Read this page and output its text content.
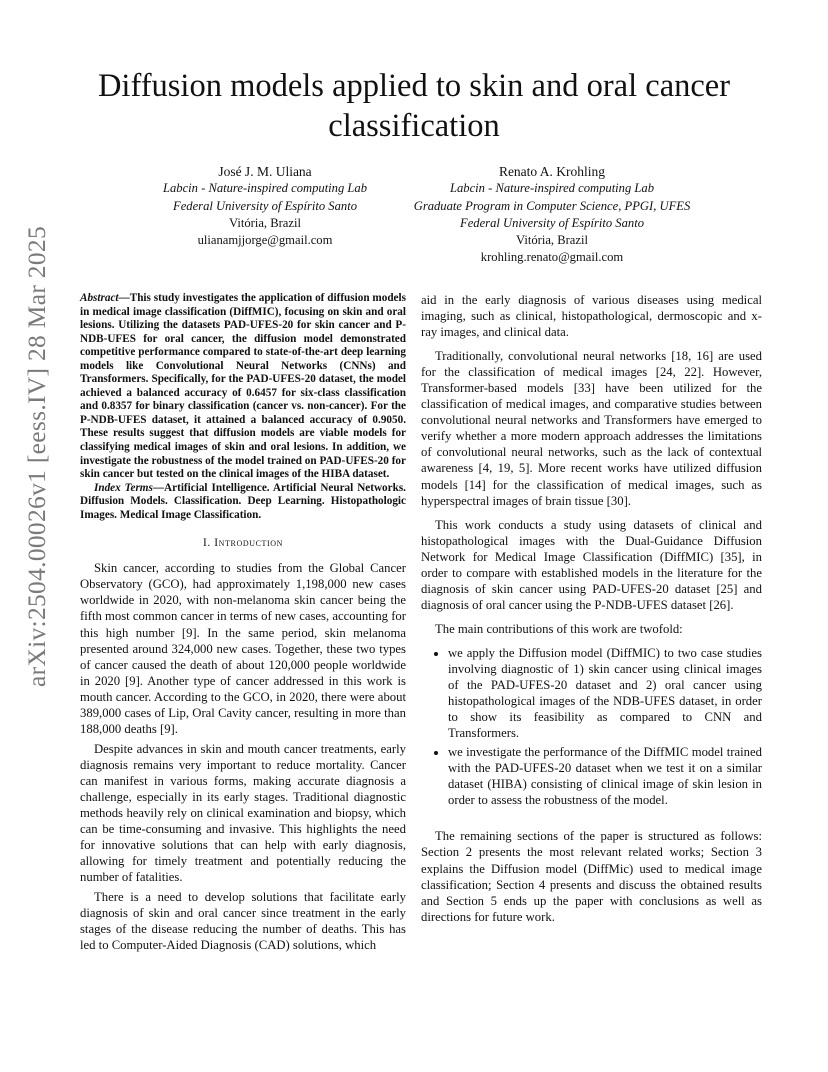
Diffusion models applied to skin and oral cancer classification
José J. M. Uliana
Labcin - Nature-inspired computing Lab
Federal University of Espírito Santo
Vitória, Brazil
ulianamjjorge@gmail.com
Renato A. Krohling
Labcin - Nature-inspired computing Lab
Graduate Program in Computer Science, PPGI, UFES
Federal University of Espírito Santo
Vitória, Brazil
krohling.renato@gmail.com
arXiv:2504.00026v1 [eess.IV] 28 Mar 2025	Abstract—This study investigates the application of diffusion models in medical image classification (DiffMIC), focusing on skin and oral lesions. Utilizing the datasets PAD-UFES-20 for skin cancer and P-NDB-UFES for oral cancer, the diffusion model demonstrated competitive performance compared to state-of-the-art deep learning models like Convolutional Neural Networks (CNNs) and Transformers. Specifically, for the PAD-UFES-20 dataset, the model achieved a balanced accuracy of 0.6457 for six-class classification and 0.8357 for binary classification (cancer vs. non-cancer). For the P-NDB-UFES dataset, it attained a balanced accuracy of 0.9050. These results suggest that diffusion models are viable models for classifying medical images of skin and oral lesions. In addition, we investigate the robustness of the model trained on PAD-UFES-20 for skin cancer but tested on the clinical images of the HIBA dataset.

Index Terms—Artificial Intelligence. Artificial Neural Networks. Diffusion Models. Classification. Deep Learning. Histopathologic Images. Medical Image Classification.

I. Introduction

Skin cancer, according to studies from the Global Cancer Observatory (GCO), had approximately 1,198,000 new cases worldwide in 2020, with non-melanoma skin cancer being the fifth most common cancer in terms of new cases, accounting for this high number [9]. In the same period, skin melanoma presented around 324,000 new cases. Together, these two types of cancer caused the death of about 120,000 people worldwide in 2020 [9]. Another type of cancer addressed in this work is mouth cancer. According to the GCO, in 2020, there were about 389,000 cases of Lip, Oral Cavity cancer, resulting in more than 188,000 deaths [9].

Despite advances in skin and mouth cancer treatments, early diagnosis remains very important to reduce mortality. Cancer can manifest in various forms, making accurate diagnosis a challenge, especially in its early stages. Traditional diagnostic methods heavily rely on clinical examination and biopsy, which can be time-consuming and invasive. This highlights the need for innovative solutions that can help with early diagnosis, allowing for timely treatment and potentially reducing the number of fatalities.

There is a need to develop solutions that facilitate early diagnosis of skin and oral cancer since treatment in the early stages of the disease reducing the number of deaths. This has led to Computer-Aided Diagnosis (CAD) solutions, which

aid in the early diagnosis of various diseases using medical imaging, such as clinical, histopathological, dermoscopic and x-ray images, and clinical data.

Traditionally, convolutional neural networks [18, 16] are used for the classification of medical images [24, 22]. However, Transformer-based models [33] have been utilized for the classification of medical images, and comparative studies between convolutional neural networks and Transformers have emerged to verify whether a more modern approach addresses the limitations of convolutional neural networks, such as the lack of contextual awareness [4, 19, 5]. More recent works have utilized diffusion models [14] for the classification of medical images, such as hyperspectral images of brain tissue [30].

This work conducts a study using datasets of clinical and histopathological images with the Dual-Guidance Diffusion Network for Medical Image Classification (DiffMIC) [35], in order to compare with established models in the literature for the diagnosis of skin cancer using PAD-UFES-20 dataset [25] and diagnosis of oral cancer using the P-NDB-UFES dataset [26].

The main contributions of this work are twofold:

• we apply the Diffusion model (DiffMIC) to two case studies involving diagnostic of 1) skin cancer using clinical images of the PAD-UFES-20 dataset and 2) oral cancer using histopathological images of the NDB-UFES dataset, in order to show its feasibility as compared to CNN and Transformers.
• we investigate the performance of the DiffMIC model trained with the PAD-UFES-20 dataset when we test it on a similar dataset (HIBA) consisting of clinical image of skin lesion in order to assess the robustness of the model.

The remaining sections of the paper is structured as follows: Section 2 presents the most relevant related works; Section 3 explains the Diffusion model (DiffMic) used to medical image classification; Section 4 presents and discuss the obtained results and Section 5 ends up the paper with conclusions as well as directions for future work.
